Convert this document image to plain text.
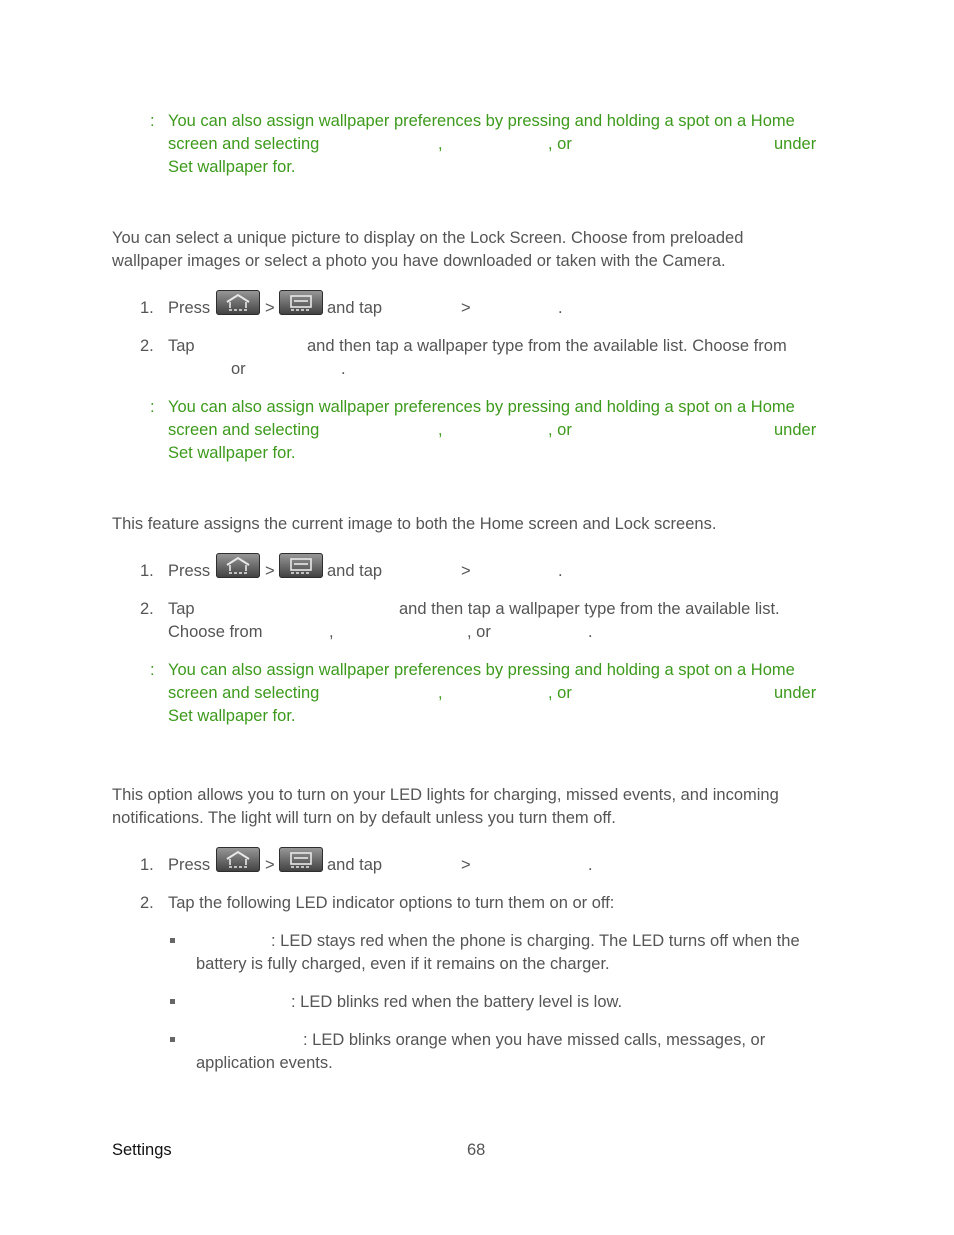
: You can also assign wallpaper preferences by pressing and holding a spot on a Home
screen and selecting	,	, or	under
Set wallpaper for.
You can select a unique picture to display on the Lock Screen. Choose from preloaded
wallpaper images or select a photo you have downloaded or taken with the Camera.
1. Press	>	and tap	>	.
2. Tap	and then tap a wallpaper type from the available list. Choose from
or	.
: You can also assign wallpaper preferences by pressing and holding a spot on a Home
screen and selecting	,	, or	under
Set wallpaper for.
This feature assigns the current image to both the Home screen and Lock screens.
1. Press	>	and tap	>	.
2. Tap	and then tap a wallpaper type from the available list.
Choose from	,	, or	.
: You can also assign wallpaper preferences by pressing and holding a spot on a Home
screen and selecting	,	, or	under
Set wallpaper for.
This option allows you to turn on your LED lights for charging, missed events, and incoming
notifications. The light will turn on by default unless you turn them off.
1. Press	>	and tap	>	.
2. Tap the following LED indicator options to turn them on or off:
: LED stays red when the phone is charging. The LED turns off when the
battery is fully charged, even if it remains on the charger.
: LED blinks red when the battery level is low.
: LED blinks orange when you have missed calls, messages, or
application events.
Settings	68
